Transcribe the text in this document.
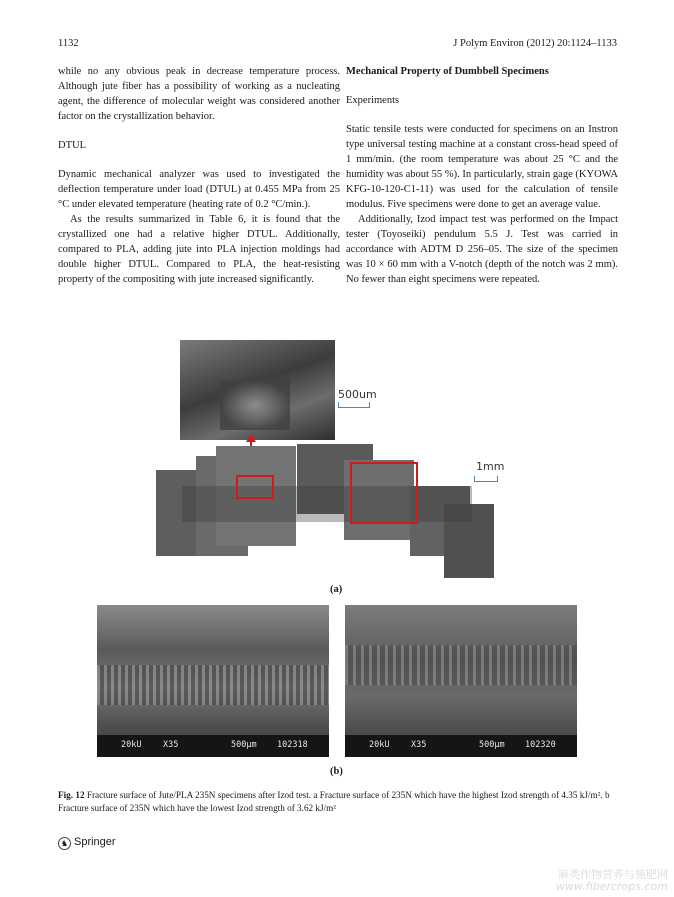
1132	J Polym Environ (2012) 20:1124–1133

while no any obvious peak in decrease temperature process. Although jute fiber has a possibility of working as a nucleating agent, the difference of molecular weight was considered another factor on the crystallization behavior.

DTUL

Dynamic mechanical analyzer was used to investigated the deflection temperature under load (DTUL) at 0.455 MPa from 25 °C under elevated temperature (heating rate of 0.2 °C/min.).

As the results summarized in Table 6, it is found that the crystallized one had a relative higher DTUL. Additionally, compared to PLA, adding jute into PLA injection moldings had double higher DTUL. Compared to PLA, the heat-resisting property of the compositing with jute increased significantly.

Mechanical Property of Dumbbell Specimens

Experiments

Static tensile tests were conducted for specimens on an Instron type universal testing machine at a constant cross-head speed of 1 mm/min. (the room temperature was about 25 °C and the humidity was about 55 %). In particularly, strain gage (KYOWA KFG-10-120-C1-11) was used for the calculation of tensile modulus. Five specimens were done to get an average value.

Additionally, Izod impact test was performed on the Impact tester (Toyoseiki) pendulum 5.5 J. Test was carried in accordance with ADTM D 256–05. The size of the specimen was 10 × 60 mm with a V-notch (depth of the notch was 2 mm). No fewer than eight specimens were repeated.

500um
1mm
(a)
20kU	X35	500μm 102318	20kU	X35	500μm 102320
(b)
Fig. 12 Fracture surface of Jute/PLA 235N specimens after Izod test. a Fracture surface of 235N which have the highest Izod strength of 4.35 kJ/m². b Fracture surface of 235N which have the lowest Izod strength of 3.62 kJ/m²
♞ Springer
麻类作物营养与施肥网
www.fibercrops.com
